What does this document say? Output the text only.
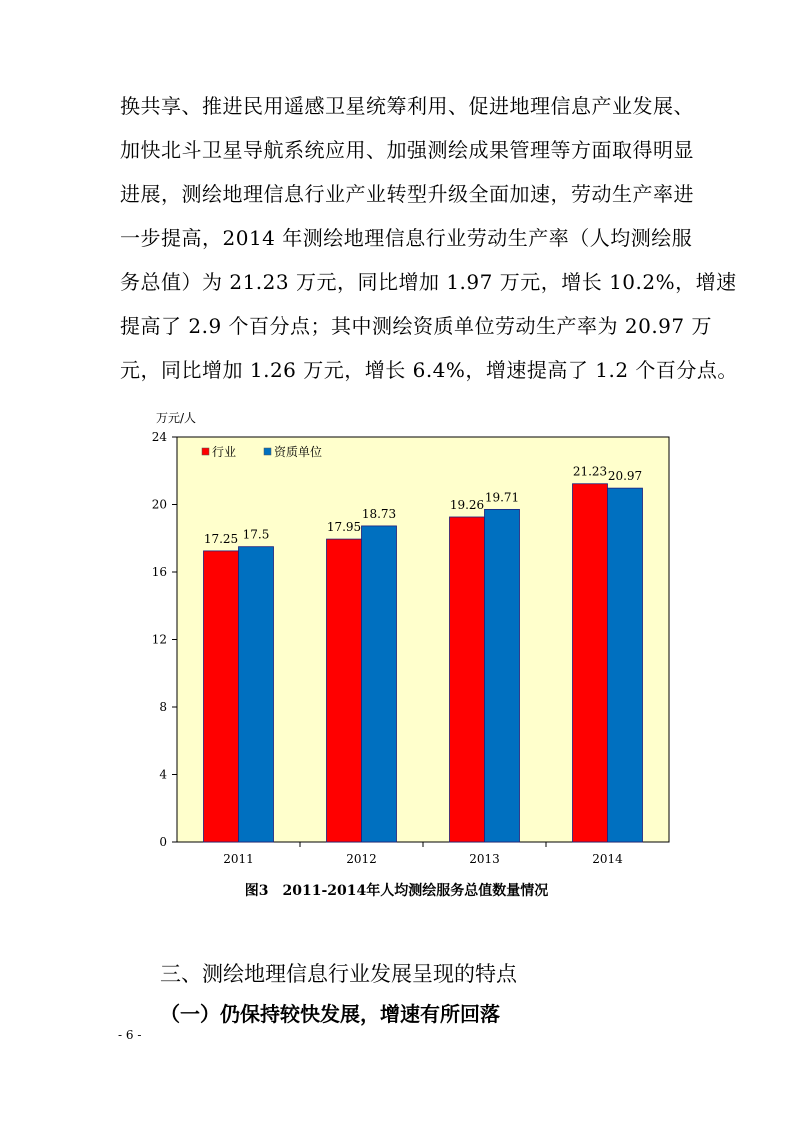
换共享、推进民用遥感卫星统筹利用、促进地理信息产业发展、
加快北斗卫星导航系统应用、加强测绘成果管理等方面取得明显
进展，测绘地理信息行业产业转型升级全面加速，劳动生产率进
一步提高，2014 年测绘地理信息行业劳动生产率（人均测绘服
务总值）为 21.23 万元，同比增加 1.97 万元，增长 10.2%，增速
提高了 2.9 个百分点；其中测绘资质单位劳动生产率为 20.97 万
元，同比增加 1.26 万元，增长 6.4%，增速提高了 1.2 个百分点。
万元/人
0
4
8
12
16
20
24
2011	2012	2013	2014
17.25
17.95
19.26
21.23
17.5
18.73
19.71
20.97
行业	资质单位
图3　2011-2014年人均测绘服务总值数量情况
三、测绘地理信息行业发展呈现的特点
（一）仍保持较快发展，增速有所回落
- 6 -
